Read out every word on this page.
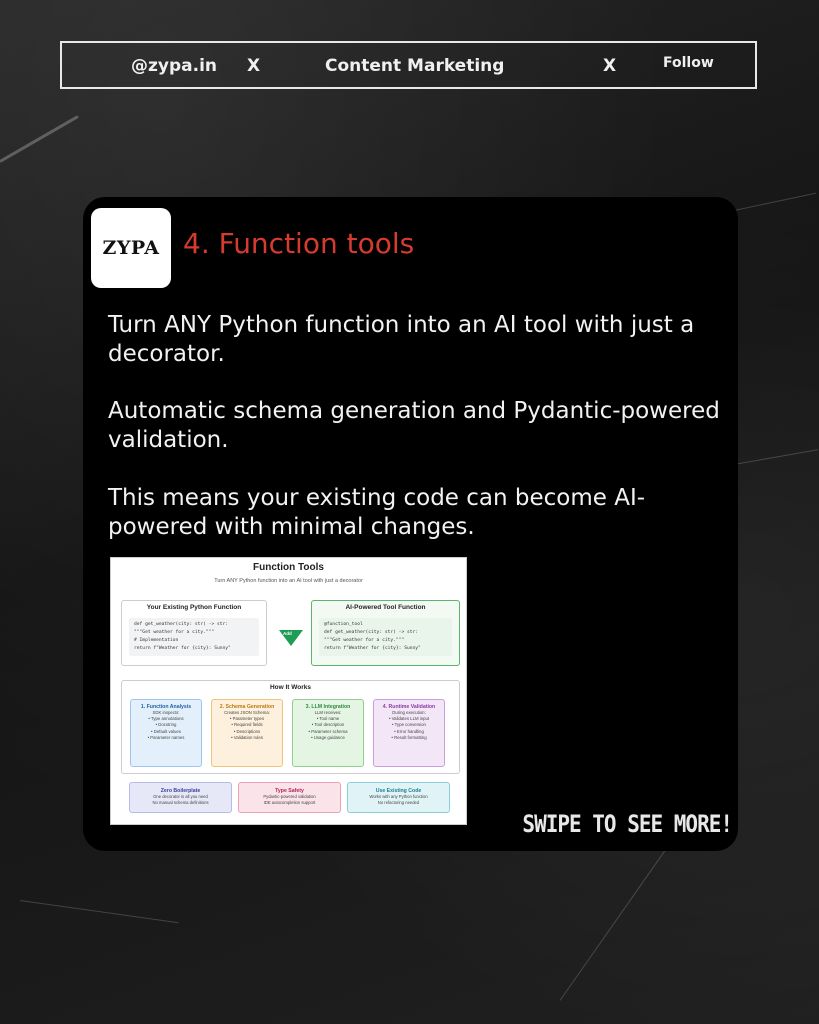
@zypa.in X	Content Marketing	X	Follow
ZYPA 4. Function tools
Turn ANY Python function into an AI tool with just a decorator.
Automatic schema generation and Pydantic-powered validation.
This means your existing code can become AI-powered with minimal changes.
Function Tools
Turn ANY Python function into an AI tool with just a decorator
Your Existing Python Function
def get_weather(city: str) -> str:
"""Get weather for a city."""
# Implementation
return f"Weather for {city}: Sunny"
Add
AI-Powered Tool Function
@function_tool
def get_weather(city: str) -> str:
"""Get weather for a city."""
return f"Weather for {city}: Sunny"
How It Works
1. Function Analysis
SDK inspects:
• Type annotations
• Docstring
• Default values
• Parameter names
2. Schema Generation
Creates JSON Schema:
• Parameter types
• Required fields
• Descriptions
• Validation rules
3. LLM Integration
LLM receives:
• Tool name
• Tool description
• Parameter schema
• Usage guidance
4. Runtime Validation
During execution:
• Validates LLM input
• Type conversion
• Error handling
• Result formatting
Zero Boilerplate
One decorator is all you need
No manual schema definitions
Type Safety
Pydantic-powered validation
IDE autocompletion support
Use Existing Code
Works with any Python function
No refactoring needed
SWIPE TO SEE MORE!
